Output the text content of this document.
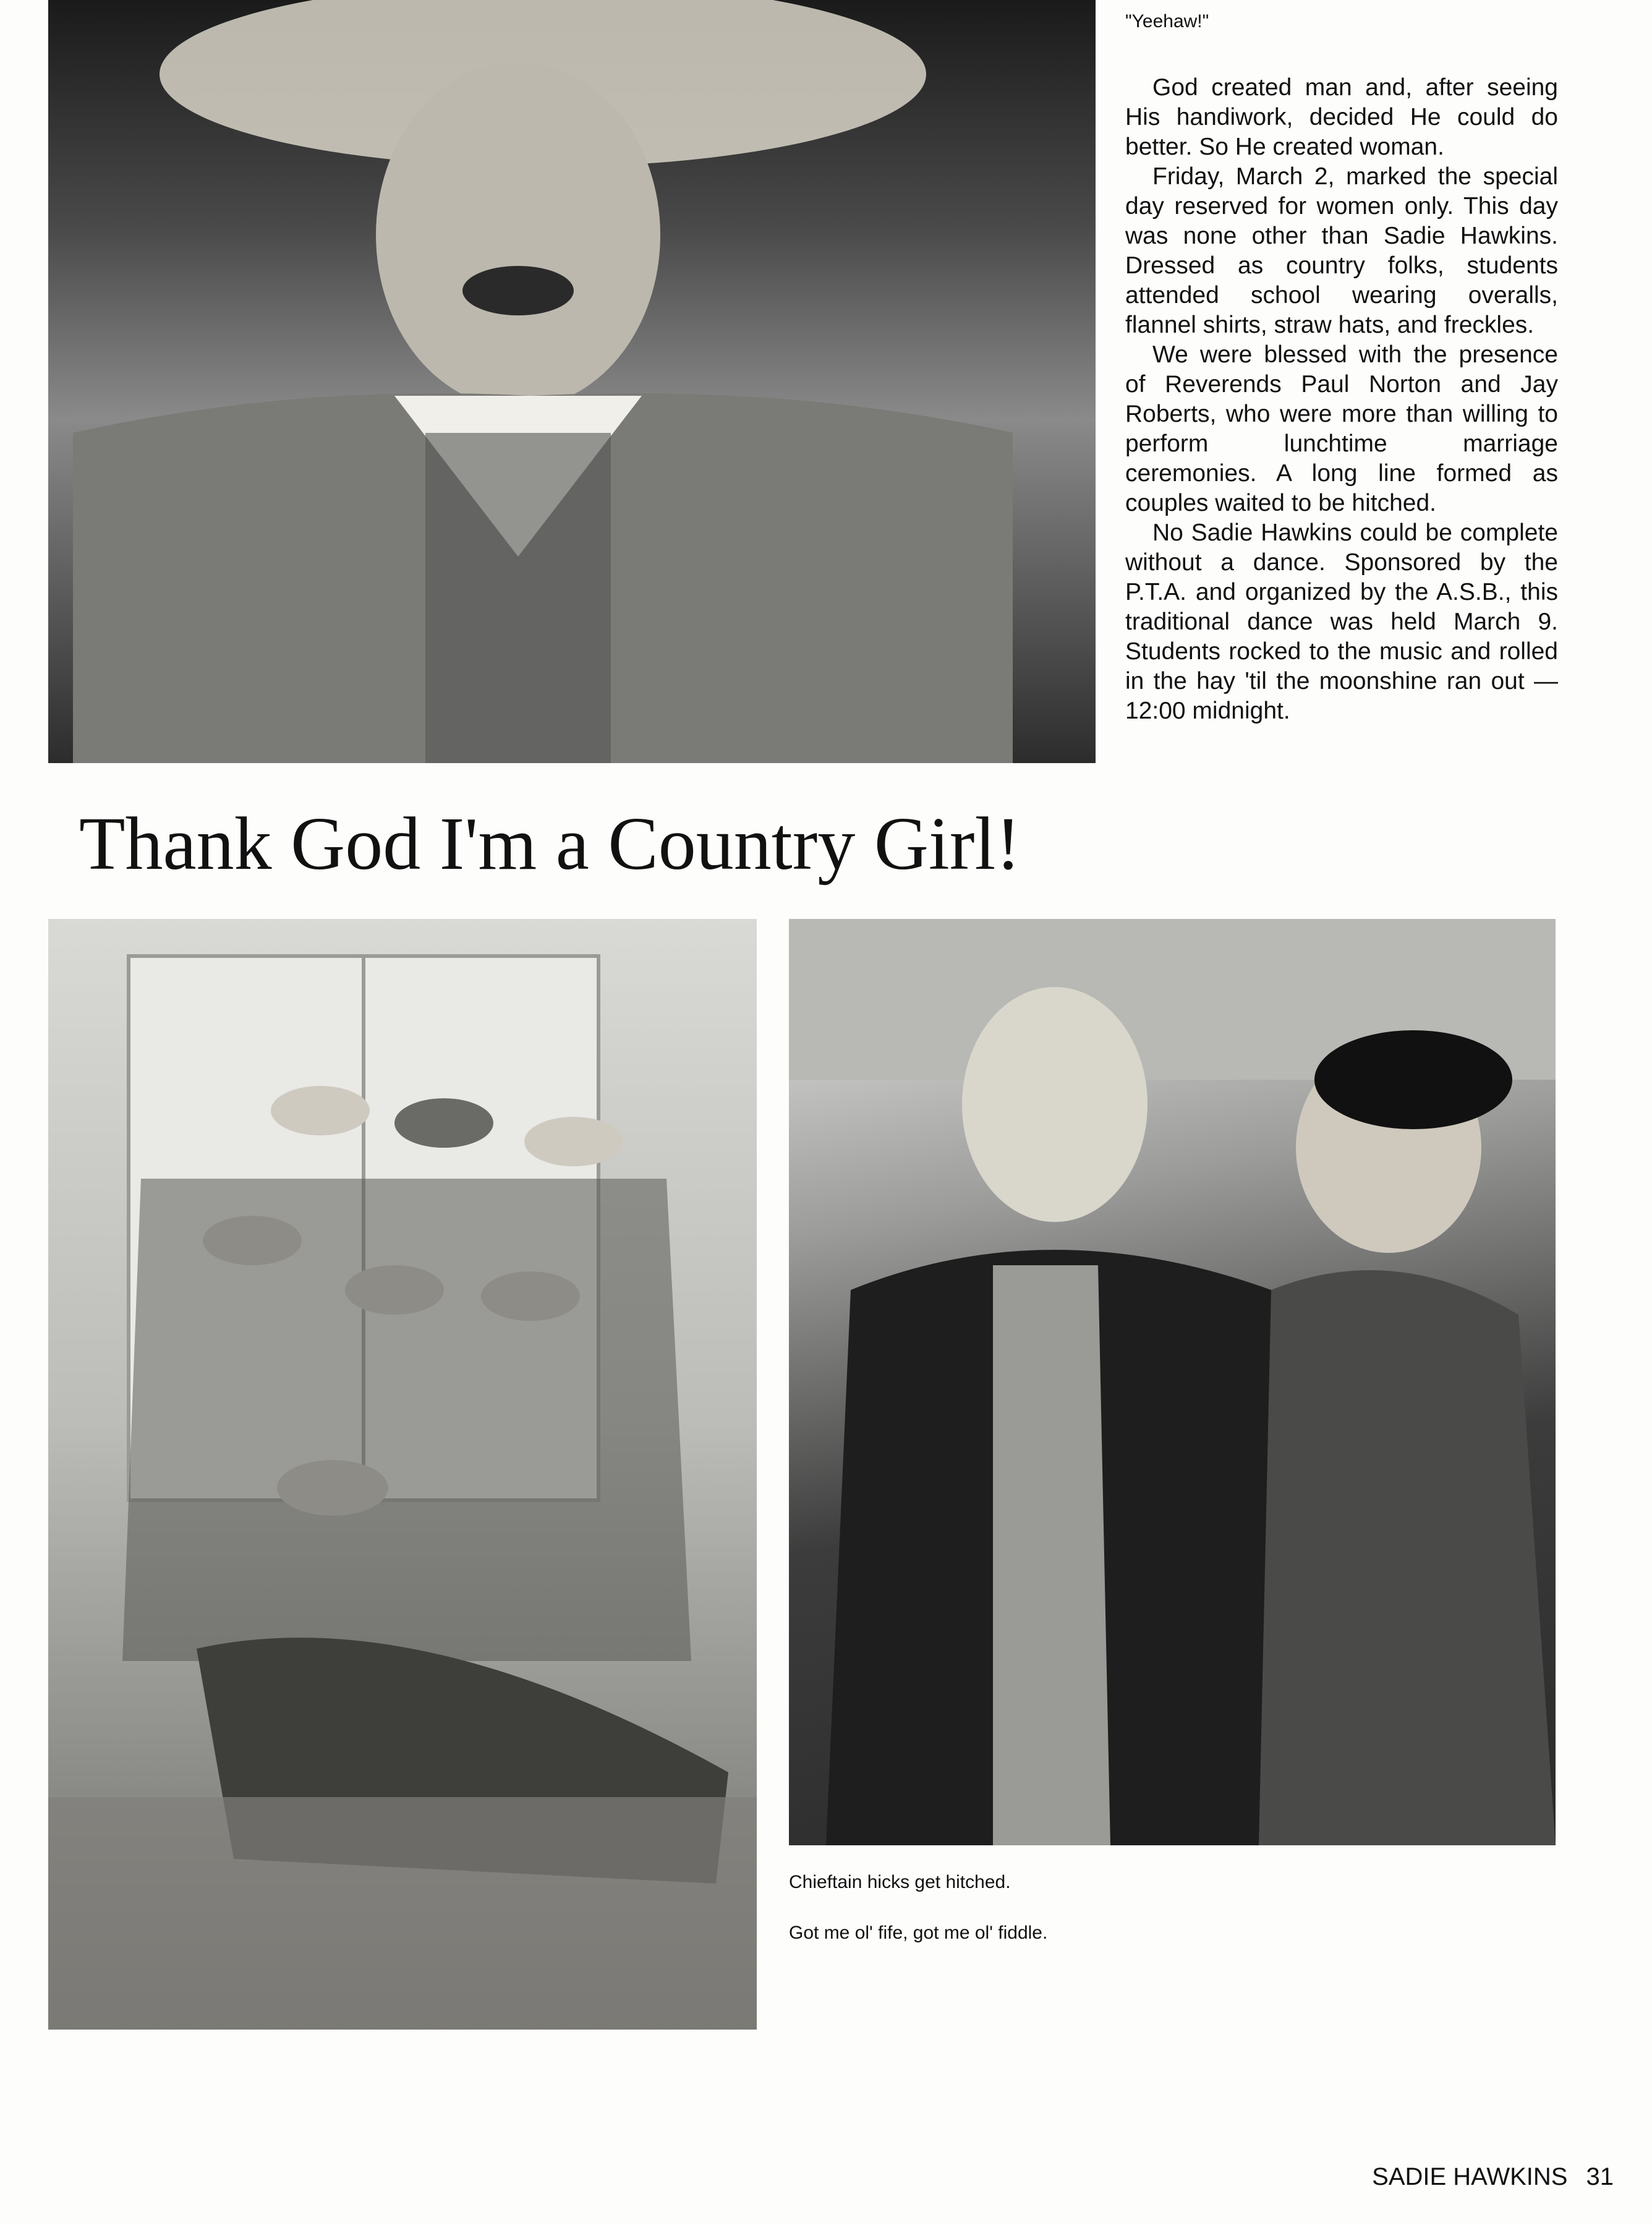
"Yeehaw!"

God created man and, after seeing His handiwork, decided He could do better. So He created woman.

Friday, March 2, marked the special day reserved for women only. This day was none other than Sadie Hawkins. Dressed as country folks, students attended school wearing overalls, flannel shirts, straw hats, and freckles.

We were blessed with the presence of Reverends Paul Norton and Jay Roberts, who were more than willing to perform lunchtime marriage ceremonies. A long line formed as couples waited to be hitched.

No Sadie Hawkins could be complete without a dance. Sponsored by the P.T.A. and organized by the A.S.B., this traditional dance was held March 9. Students rocked to the music and rolled in the hay 'til the moonshine ran out — 12:00 midnight.

Thank God I'm a Country Girl!
Chieftain hicks get hitched.
Got me ol' fife, got me ol' fiddle.
SADIE HAWKINS 31
